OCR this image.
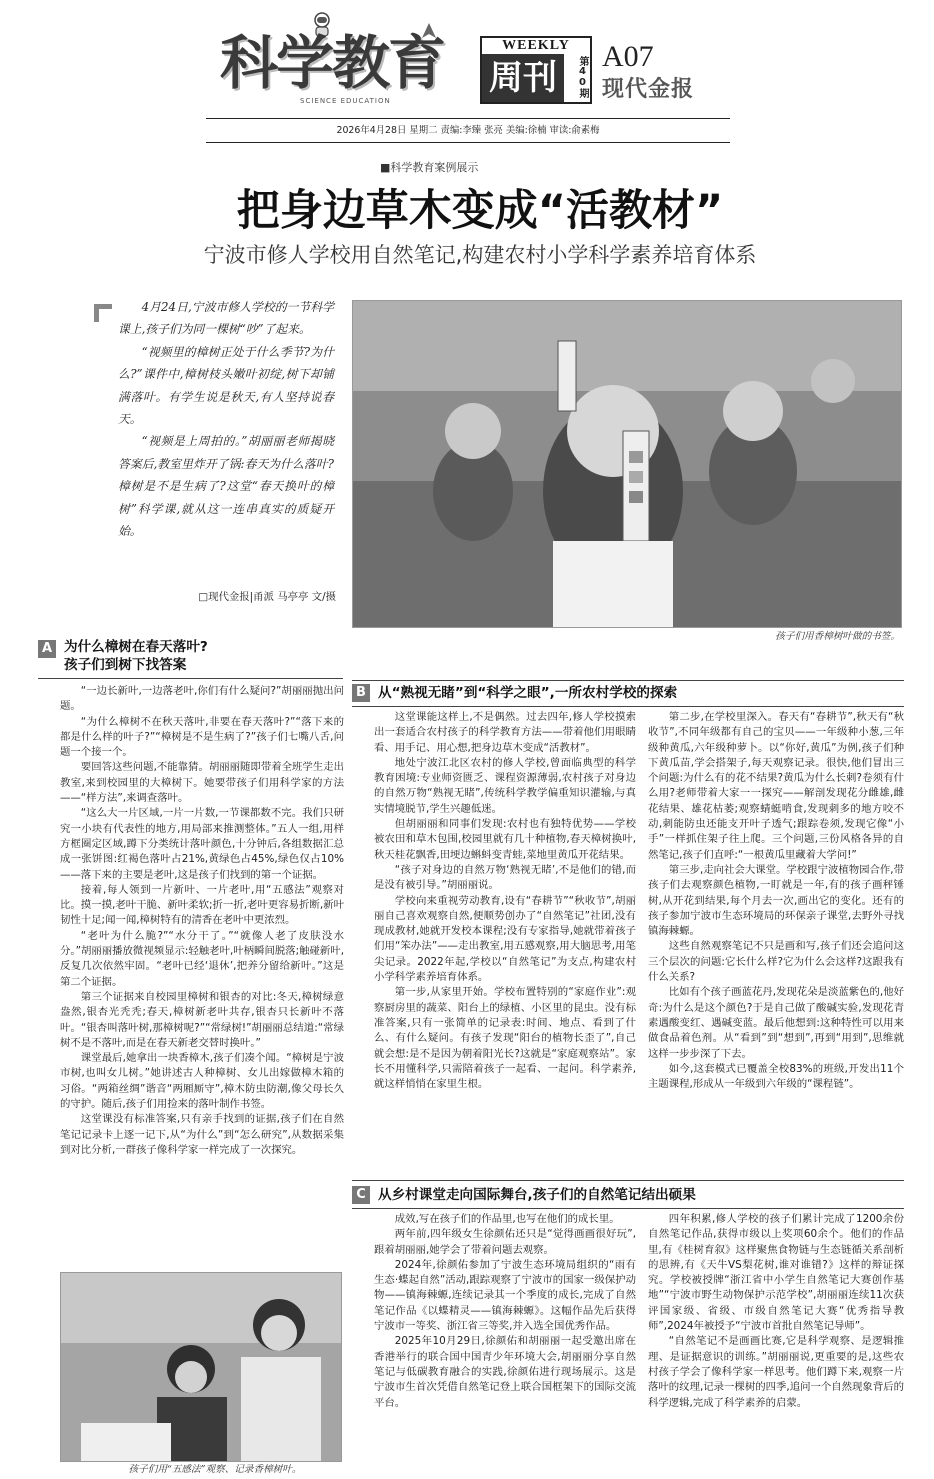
科学教育
SCIENCE EDUCATION
WEEKLY
周刊	第40期 A07
现代金报
2026年4月28日 星期二 责编:李臻 张亮 美编:徐楠 审读:俞素梅
■科学教育案例展示
把身边草木变成“活教材”
宁波市修人学校用自然笔记,构建农村小学科学素养培育体系

4月24日,宁波市修人学校的一节科学课上,孩子们为同一棵树“吵”了起来。

“视频里的樟树正处于什么季节?为什么?”课件中,樟树枝头嫩叶初绽,树下却铺满落叶。有学生说是秋天,有人坚持说春天。

“视频是上周拍的。”胡丽丽老师揭晓答案后,教室里炸开了锅:春天为什么落叶?樟树是不是生病了?这堂“春天换叶的樟树”科学课,就从这一连串真实的质疑开始。

□现代金报|甬派 马亭亭 文/摄
孩子们用香樟树叶做的书签。
A 为什么樟树在春天落叶?
孩子们到树下找答案

“一边长新叶,一边落老叶,你们有什么疑问?”胡丽丽抛出问题。

“为什么樟树不在秋天落叶,非要在春天落叶?”“落下来的都是什么样的叶子?”“樟树是不是生病了?”孩子们七嘴八舌,问题一个接一个。

要回答这些问题,不能靠猜。胡丽丽随即带着全班学生走出教室,来到校园里的大樟树下。她要带孩子们用科学家的方法——“样方法”,来调查落叶。

“这么大一片区域,一片一片数,一节课都数不完。我们只研究一小块有代表性的地方,用局部来推测整体。”五人一组,用样方框圈定区域,蹲下分类统计落叶颜色,十分钟后,各组数据汇总成一张饼图:红褐色落叶占21%,黄绿色占45%,绿色仅占10%——落下来的主要是老叶,这是孩子们找到的第一个证据。

接着,每人领到一片新叶、一片老叶,用“五感法”观察对比。摸一摸,老叶干脆、新叶柔软;折一折,老叶更容易折断,新叶韧性十足;闻一闻,樟树特有的清香在老叶中更浓烈。

“老叶为什么脆?”“水分干了。”“就像人老了皮肤没水分。”胡丽丽播放微视频显示:轻触老叶,叶柄瞬间脱落;触碰新叶,反复几次依然牢固。“老叶已经‘退休’,把养分留给新叶。”这是第二个证据。

第三个证据来自校园里樟树和银杏的对比:冬天,樟树绿意盎然,银杏光秃秃;春天,樟树新老叶共存,银杏只长新叶不落叶。“银杏叫落叶树,那樟树呢?”“常绿树!”胡丽丽总结道:“常绿树不是不落叶,而是在春天新老交替时换叶。”

课堂最后,她拿出一块香樟木,孩子们凑个闻。“樟树是宁波市树,也叫女儿树。”她讲述古人种樟树、女儿出嫁做樟木箱的习俗。“两箱丝绸”谐音“两厢厮守”,樟木防虫防潮,像父母长久的守护。随后,孩子们用捡来的落叶制作书签。

这堂课没有标准答案,只有亲手找到的证据,孩子们在自然笔记记录卡上逐一记下,从“为什么”到“怎么研究”,从数据采集到对比分析,一群孩子像科学家一样完成了一次探究。

孩子们用“五感法”观察、记录香樟树叶。
B 从“熟视无睹”到“科学之眼”,一所农村学校的探索

这堂课能这样上,不是偶然。过去四年,修人学校摸索出一套适合农村孩子的科学教育方法——带着他们用眼睛看、用手记、用心想,把身边草木变成“活教材”。

地处宁波江北区农村的修人学校,曾面临典型的科学教育困境:专业师资匮乏、课程资源薄弱,农村孩子对身边的自然万物“熟视无睹”,传统科学教学偏重知识灌输,与真实情境脱节,学生兴趣低迷。

但胡丽丽和同事们发现:农村也有独特优势——学校被农田和草木包围,校园里就有几十种植物,春天樟树换叶,秋天桂花飘香,田埂边蝌蚪变青蛙,菜地里黄瓜开花结果。

“孩子对身边的自然万物‘熟视无睹’,不是他们的错,而是没有被引导。”胡丽丽说。

学校向来重视劳动教育,设有“春耕节”“秋收节”,胡丽丽自己喜欢观察自然,便顺势创办了“自然笔记”社团,没有现成教材,她就开发校本课程;没有专家指导,她就带着孩子们用“笨办法”——走出教室,用五感观察,用大脑思考,用笔尖记录。2022年起,学校以“自然笔记”为支点,构建农村小学科学素养培育体系。

第一步,从家里开始。学校布置特别的“家庭作业”:观察厨房里的蔬菜、阳台上的绿植、小区里的昆虫。没有标准答案,只有一张简单的记录表:时间、地点、看到了什么、有什么疑问。有孩子发现“阳台的植物长歪了”,自己就会想:是不是因为朝着阳光长?这就是“家庭观察站”。家长不用懂科学,只需陪着孩子一起看、一起问。科学素养,就这样悄悄在家里生根。

第二步,在学校里深入。春天有“春耕节”,秋天有“秋收节”,不同年级都有自己的宝贝——一年级种小葱,三年级种黄瓜,六年级种萝卜。以“你好,黄瓜”为例,孩子们种下黄瓜苗,学会搭架子,每天观察记录。很快,他们冒出三个问题:为什么有的花不结果?黄瓜为什么长刺?卷须有什么用?老师带着大家一一探究——解剖发现花分雌雄,雌花结果、雄花枯萎;观察蜻蜓啃食,发现刺多的地方咬不动,刺能防虫还能支开叶子透气;跟踪卷须,发现它像“小手”一样抓住架子往上爬。三个问题,三份风格各异的自然笔记,孩子们直呼:“一根黄瓜里藏着大学问!”

第三步,走向社会大课堂。学校跟宁波植物园合作,带孩子们去观察颜色植物,一盯就是一年,有的孩子画秤锤树,从开花到结果,每个月去一次,画出它的变化。还有的孩子参加宁波市生态环境局的环保亲子课堂,去野外寻找镇海棘螈。

这些自然观察笔记不只是画和写,孩子们还会追问这三个层次的问题:它长什么样?它为什么会这样?这跟我有什么关系?

比如有个孩子画蓝花丹,发现花朵是淡蓝紫色的,他好奇:为什么是这个颜色?于是自己做了酸碱实验,发现花青素遇酸变红、遇碱变蓝。最后他想到:这种特性可以用来做食品着色剂。从“看到”到“想到”,再到“用到”,思维就这样一步步深了下去。

如今,这套模式已覆盖全校83%的班级,开发出11个主题课程,形成从一年级到六年级的“课程链”。

C 从乡村课堂走向国际舞台,孩子们的自然笔记结出硕果

成效,写在孩子们的作品里,也写在他们的成长里。

两年前,四年级女生徐颜佑还只是“觉得画画很好玩”,跟着胡丽丽,她学会了带着问题去观察。

2024年,徐颜佑参加了宁波生态环境局组织的“雨有生态·蝶起自然”活动,跟踪观察了宁波市的国家一级保护动物——镇海棘螈,连续记录其一个季度的成长,完成了自然笔记作品《以蝶精灵——镇海棘螈》。这幅作品先后获得宁波市一等奖、浙江省三等奖,并入选全国优秀作品。

2025年10月29日,徐颜佑和胡丽丽一起受邀出席在香港举行的联合国中国青少年环境大会,胡丽丽分享自然笔记与低碳教育融合的实践,徐颜佑进行现场展示。这是宁波市生首次凭借自然笔记登上联合国框架下的国际交流平台。

四年积累,修人学校的孩子们累计完成了1200余份自然笔记作品,获得市级以上奖项60余个。他们的作品里,有《桂树育叙》这样聚焦食物链与生态链循关系剖析的思辨,有《天牛VS梨花树,谁对谁错?》这样的辩证探究。学校被授牌“浙江省中小学生自然笔记大赛创作基地”“宁波市野生动物保护示范学校”,胡丽丽连续11次获评国家级、省级、市级自然笔记大赛“优秀指导教师”,2024年被授予“宁波市首批自然笔记导师”。

“自然笔记不是画画比赛,它是科学观察、是逻辑推理、是证据意识的训练。”胡丽丽说,更重要的是,这些农村孩子学会了像科学家一样思考。他们蹲下来,观察一片落叶的纹理,记录一棵树的四季,追问一个自然现象背后的科学逻辑,完成了科学素养的启蒙。
